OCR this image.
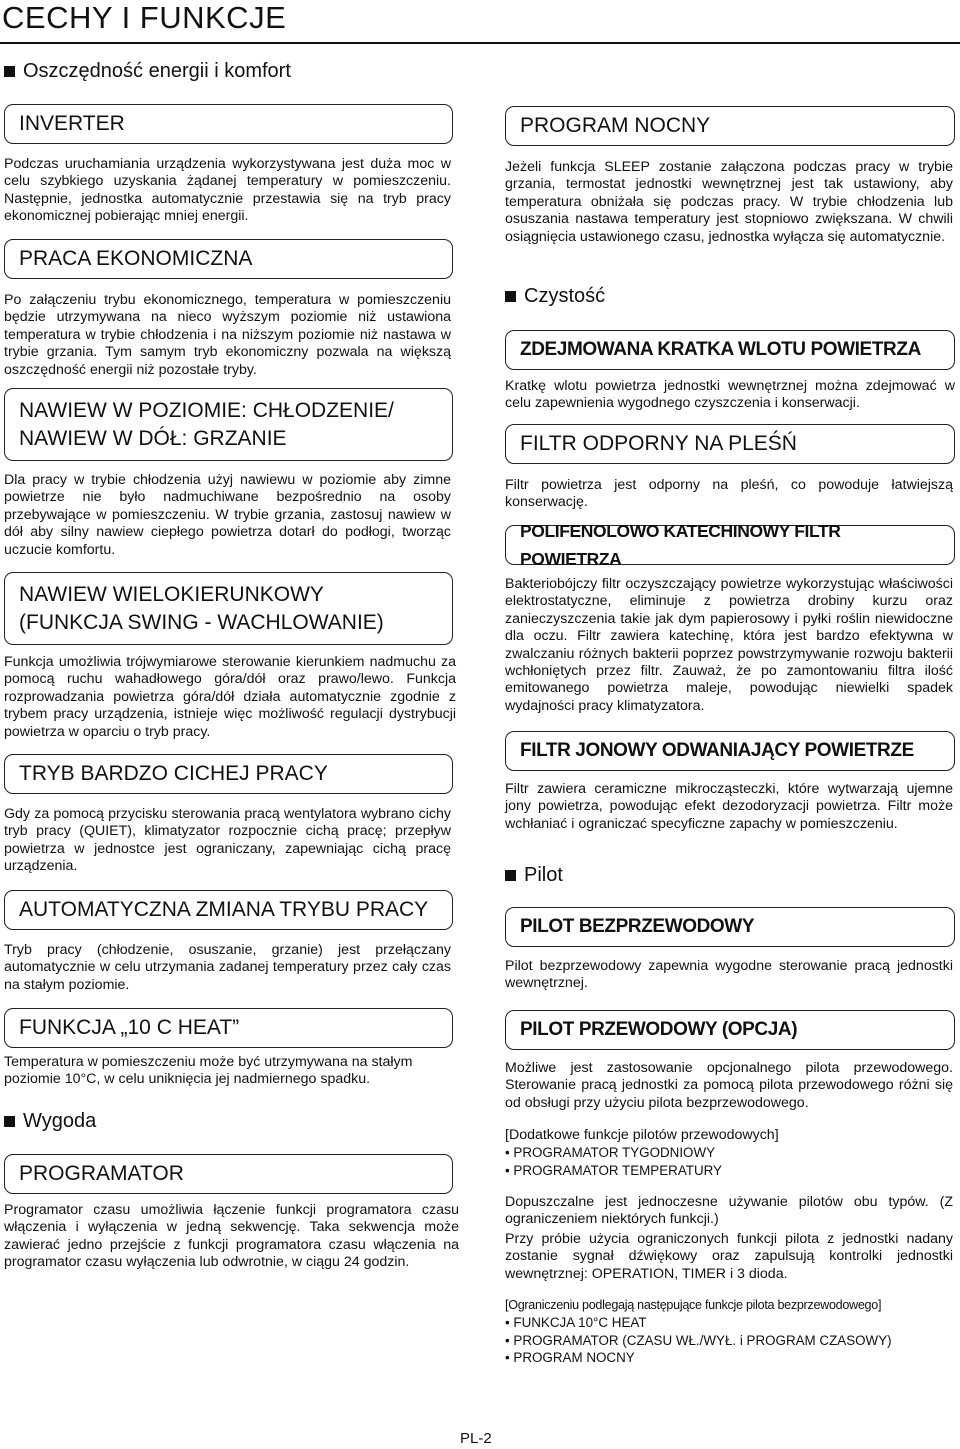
CECHY I FUNKCJE
Oszczędność energii i komfort
INVERTER
Podczas uruchamiania urządzenia wykorzystywana jest duża moc w celu szybkiego uzyskania żądanej temperatury w pomieszczeniu. Następnie, jednostka automatycznie przestawia się na tryb pracy ekonomicznej pobierając mniej energii.
PRACA EKONOMICZNA
Po załączeniu trybu ekonomicznego, temperatura w pomieszczeniu będzie utrzymywana na nieco wyższym poziomie niż ustawiona temperatura w trybie chłodzenia i na niższym poziomie niż nastawa w trybie grzania. Tym samym tryb ekonomiczny pozwala na większą oszczędność energii niż pozostałe tryby.
NAWIEW W POZIOMIE: CHŁODZENIE/
NAWIEW W DÓŁ: GRZANIE
Dla pracy w trybie chłodzenia użyj nawiewu w poziomie aby zimne powietrze nie było nadmuchiwane bezpośrednio na osoby przebywające w pomieszczeniu. W trybie grzania, zastosuj nawiew w dół aby silny nawiew ciepłego powietrza dotarł do podłogi, tworząc uczucie komfortu.
NAWIEW WIELOKIERUNKOWY
(FUNKCJA SWING - WACHLOWANIE)
Funkcja umożliwia trójwymiarowe sterowanie kierunkiem nadmuchu za pomocą ruchu wahadłowego góra/dół oraz prawo/lewo. Funkcja rozprowadzania powietrza góra/dół działa automatycznie zgodnie z trybem pracy urządzenia, istnieje więc możliwość regulacji dystrybucji powietrza w oparciu o tryb pracy.
TRYB BARDZO CICHEJ PRACY
Gdy za pomocą przycisku sterowania pracą wentylatora wybrano cichy tryb pracy (QUIET), klimatyzator rozpocznie cichą pracę; przepływ powietrza w jednostce jest ograniczany, zapewniając cichą pracę urządzenia.
AUTOMATYCZNA ZMIANA TRYBU PRACY
Tryb pracy (chłodzenie, osuszanie, grzanie) jest przełączany automatycznie w celu utrzymania zadanej temperatury przez cały czas na stałym poziomie.
FUNKCJA „10 C HEAT”
Temperatura w pomieszczeniu może być utrzymywana na stałym poziomie 10°C, w celu uniknięcia jej nadmiernego spadku.
Wygoda
PROGRAMATOR
Programator czasu umożliwia łączenie funkcji programatora czasu włączenia i wyłączenia w jedną sekwencję. Taka sekwencja może zawierać jedno przejście z funkcji programatora czasu włączenia na programator czasu wyłączenia lub odwrotnie, w ciągu 24 godzin.
PROGRAM NOCNY
Jeżeli funkcja SLEEP zostanie załączona podczas pracy w trybie grzania, termostat jednostki wewnętrznej jest tak ustawiony, aby temperatura obniżała się podczas pracy. W trybie chłodzenia lub osuszania nastawa temperatury jest stopniowo zwiększana. W chwili osiągnięcia ustawionego czasu, jednostka wyłącza się automatycznie.
Czystość
ZDEJMOWANA KRATKA WLOTU POWIETRZA
Kratkę wlotu powietrza jednostki wewnętrznej można zdejmować w celu zapewnienia wygodnego czyszczenia i konserwacji.
FILTR ODPORNY NA PLEŚŃ
Filtr powietrza jest odporny na pleśń, co powoduje łatwiejszą konserwację.
POLIFENOLOWO KATECHINOWY FILTR POWIETRZA
Bakteriobójczy filtr oczyszczający powietrze wykorzystując właściwości elektrostatyczne, eliminuje z powietrza drobiny kurzu oraz zanieczyszczenia takie jak dym papierosowy i pyłki roślin niewidoczne dla oczu. Filtr zawiera katechinę, która jest bardzo efektywna w zwalczaniu różnych bakterii poprzez powstrzymywanie rozwoju bakterii wchłoniętych przez filtr. Zauważ, że po zamontowaniu filtra ilość emitowanego powietrza maleje, powodując niewielki spadek wydajności pracy klimatyzatora.
FILTR JONOWY ODWANIAJĄCY POWIETRZE
Filtr zawiera ceramiczne mikrocząsteczki, które wytwarzają ujemne jony powietrza, powodując efekt dezodoryzacji powietrza. Filtr może wchłaniać i ograniczać specyficzne zapachy w pomieszczeniu.
Pilot
PILOT BEZPRZEWODOWY
Pilot bezprzewodowy zapewnia wygodne sterowanie pracą jednostki wewnętrznej.
PILOT PRZEWODOWY (OPCJA)
Możliwe jest zastosowanie opcjonalnego pilota przewodowego. Sterowanie pracą jednostki za pomocą pilota przewodowego różni się od obsługi przy użyciu pilota bezprzewodowego.
[Dodatkowe funkcje pilotów przewodowych]
• PROGRAMATOR TYGODNIOWY
• PROGRAMATOR TEMPERATURY
Dopuszczalne jest jednoczesne używanie pilotów obu typów. (Z ograniczeniem niektórych funkcji.)
Przy próbie użycia ograniczonych funkcji pilota z jednostki nadany zostanie sygnał dźwiękowy oraz zapulsują kontrolki jednostki wewnętrznej: OPERATION, TIMER i 3 dioda.
[Ograniczeniu podlegają następujące funkcje pilota bezprzewodowego]
• FUNKCJA 10°C HEAT
• PROGRAMATOR (CZASU WŁ./WYŁ. i PROGRAM CZASOWY)
• PROGRAM NOCNY
PL-2
